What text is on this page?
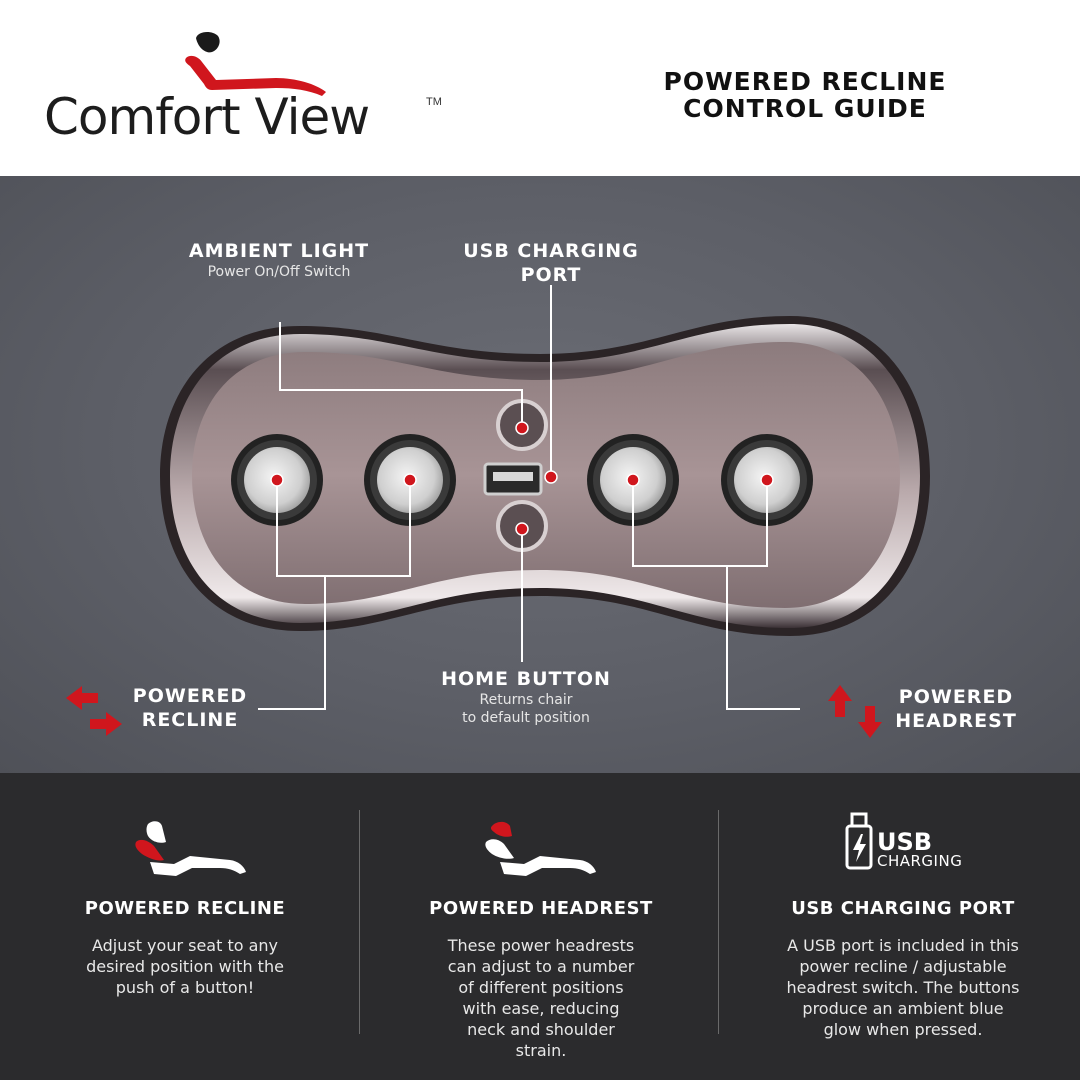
Comfort View	TM
POWERED RECLINE
CONTROL GUIDE
AMBIENT LIGHT
Power On/Off Switch
USB CHARGING
PORT
HOME BUTTON
Returns chair
to default position
POWERED
RECLINE
POWERED
HEADREST
USB
CHARGING
POWERED RECLINE
Adjust your seat to any
desired position with the
push of a button!
POWERED HEADREST
These power headrests
can adjust to a number
of different positions
with ease, reducing
neck and shoulder
strain.
USB CHARGING PORT
A USB port is included in this
power recline / adjustable
headrest switch. The buttons
produce an ambient blue
glow when pressed.
